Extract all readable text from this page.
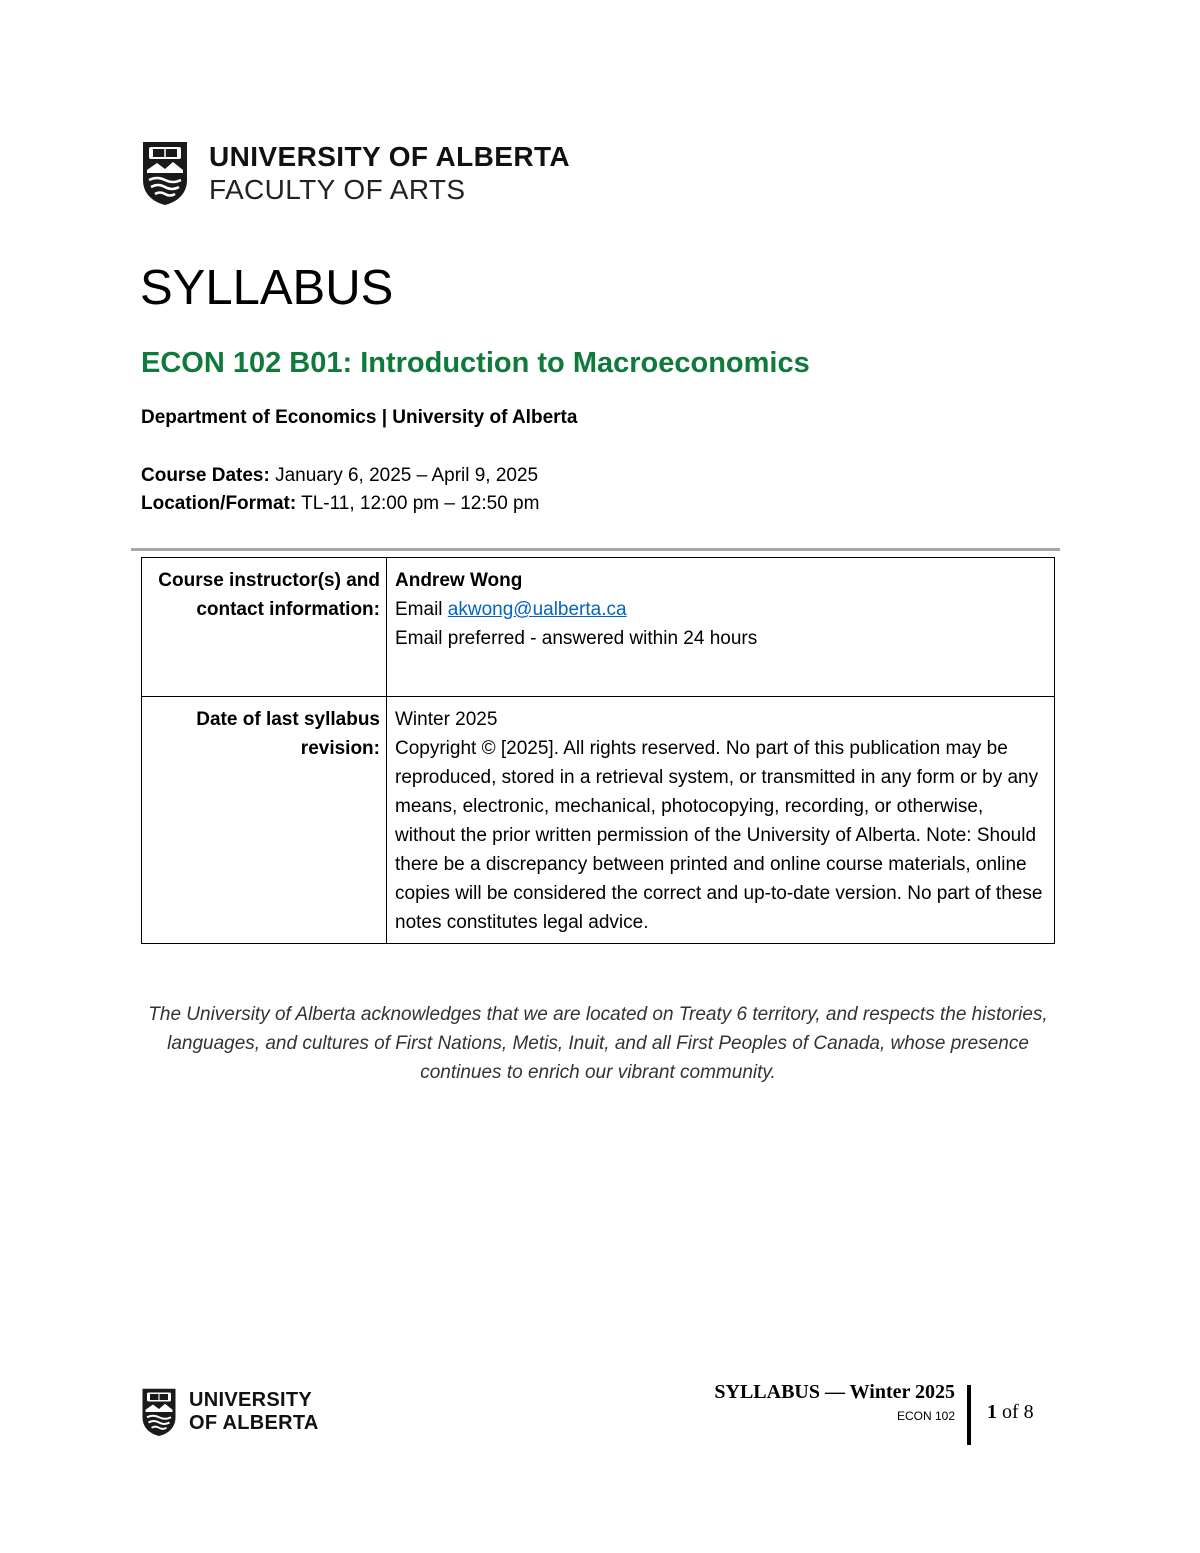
UNIVERSITY OF ALBERTA
FACULTY OF ARTS
SYLLABUS
ECON 102 B01: Introduction to Macroeconomics
Department of Economics | University of Alberta
Course Dates: January 6, 2025 – April 9, 2025
Location/Format: TL-11, 12:00 pm – 12:50 pm
Course instructor(s) and contact information:	Andrew Wong
Email akwong@ualberta.ca
Email preferred - answered within 24 hours

Date of last syllabus revision:	Winter 2025
Copyright © [2025]. All rights reserved. No part of this publication may be reproduced, stored in a retrieval system, or transmitted in any form or by any means, electronic, mechanical, photocopying, recording, or otherwise, without the prior written permission of the University of Alberta. Note: Should there be a discrepancy between printed and online course materials, online copies will be considered the correct and up-to-date version. No part of these notes constitutes legal advice.
The University of Alberta acknowledges that we are located on Treaty 6 territory, and respects the histories, languages, and cultures of First Nations, Metis, Inuit, and all First Peoples of Canada, whose presence continues to enrich our vibrant community.
UNIVERSITY
OF ALBERTA
SYLLABUS — Winter 2025
ECON 102 1 of 8
